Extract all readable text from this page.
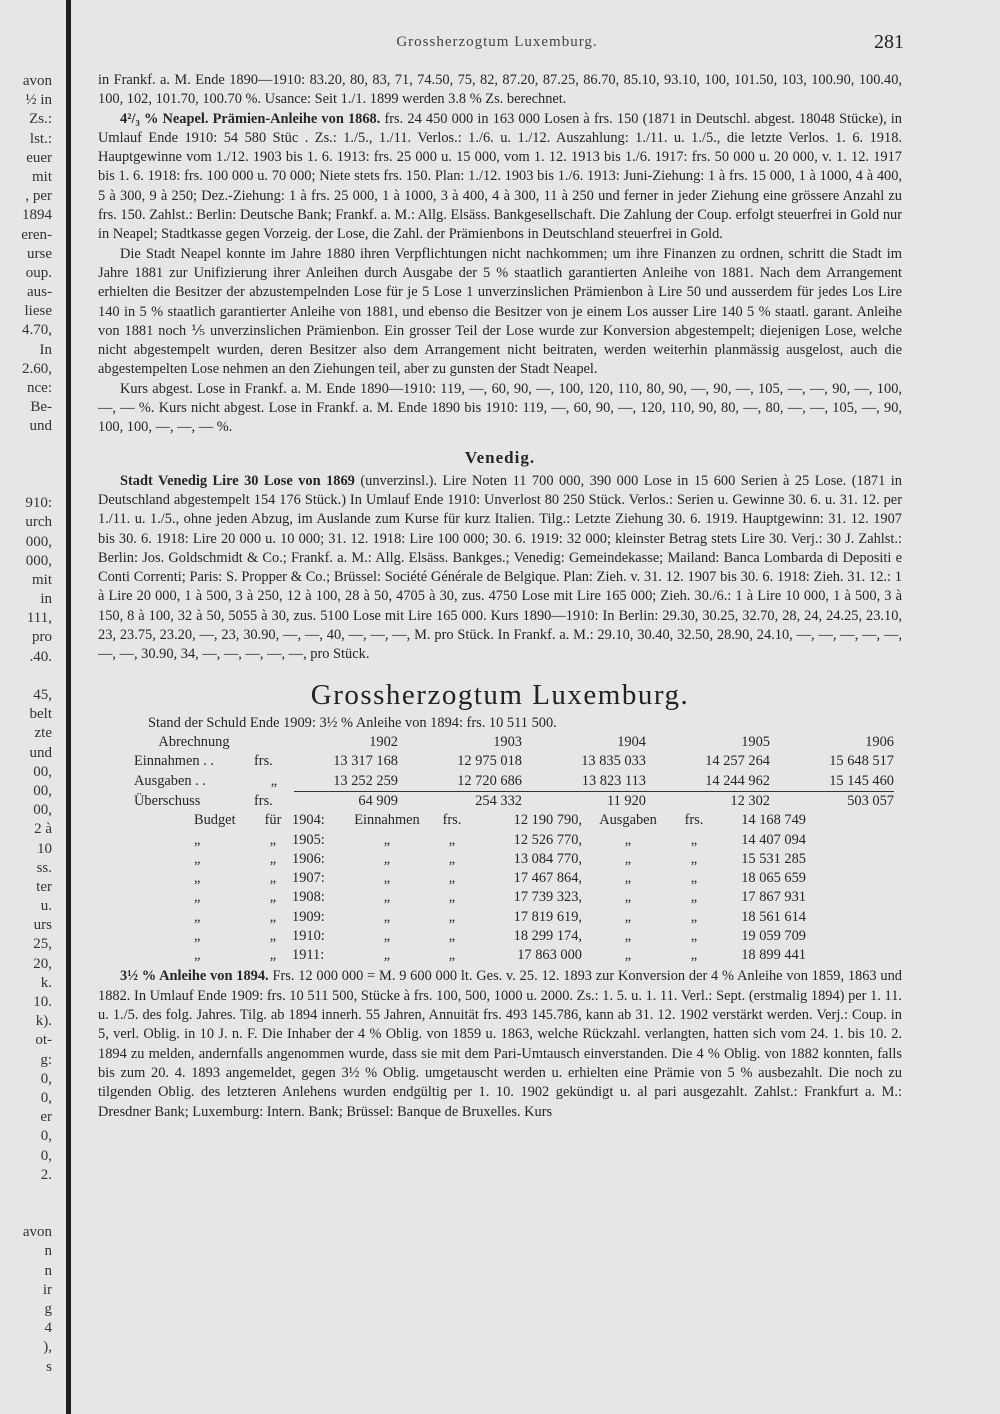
avon
½ in
Zs.:
lst.:
euer
mit
, per
1894
eren-
urse
oup.
aus-
liese
4.70,
In
2.60,
nce:
Be-
und
910:
urch
000,
000,
mit
in
111,
pro
.40.
45,
belt
zte
und
00,
00,
00,
2 à
10
ss.
ter
u.
urs
25,
20,
k.
10.
k).
ot-
g:
0,
0,
er
0,
0,
2.
avon
n
n
ir
g
4
),
s
Grossherzogtum Luxemburg.	281

in Frankf. a. M. Ende 1890—1910: 83.20, 80, 83, 71, 74.50, 75, 82, 87.20, 87.25, 86.70, 85.10, 93.10, 100, 101.50, 103, 100.90, 100.40, 100, 102, 101.70, 100.70 %. Usance: Seit 1./1. 1899 werden 3.8 % Zs. berechnet.

4²/₃ % Neapel. Prämien-Anleihe von 1868. frs. 24 450 000 in 163 000 Losen à frs. 150 (1871 in Deutschl. abgest. 18048 Stücke), in Umlauf Ende 1910: 54 580 Stüc . Zs.: 1./5., 1./11. Verlos.: 1./6. u. 1./12. Auszahlung: 1./11. u. 1./5., die letzte Verlos. 1. 6. 1918. Hauptgewinne vom 1./12. 1903 bis 1. 6. 1913: frs. 25 000 u. 15 000, vom 1. 12. 1913 bis 1./6. 1917: frs. 50 000 u. 20 000, v. 1. 12. 1917 bis 1. 6. 1918: frs. 100 000 u. 70 000; Niete stets frs. 150. Plan: 1./12. 1903 bis 1./6. 1913: Juni-Ziehung: 1 à frs. 15 000, 1 à 1000, 4 à 400, 5 à 300, 9 à 250; Dez.-Ziehung: 1 à frs. 25 000, 1 à 1000, 3 à 400, 4 à 300, 11 à 250 und ferner in jeder Ziehung eine grössere Anzahl zu frs. 150. Zahlst.: Berlin: Deutsche Bank; Frankf. a. M.: Allg. Elsäss. Bankgesellschaft. Die Zahlung der Coup. erfolgt steuerfrei in Gold nur in Neapel; Stadtkasse gegen Vorzeig. der Lose, die Zahl. der Prämienbons in Deutschland steuerfrei in Gold.

Die Stadt Neapel konnte im Jahre 1880 ihren Verpflichtungen nicht nachkommen; um ihre Finanzen zu ordnen, schritt die Stadt im Jahre 1881 zur Unifizierung ihrer Anleihen durch Ausgabe der 5 % staatlich garantierten Anleihe von 1881. Nach dem Arrangement erhielten die Besitzer der abzustempelnden Lose für je 5 Lose 1 unverzinslichen Prämienbon à Lire 50 und ausserdem für jedes Los Lire 140 in 5 % staatlich garantierter Anleihe von 1881, und ebenso die Besitzer von je einem Los ausser Lire 140 5 % staatl. garant. Anleihe von 1881 noch ⅕ unverzinslichen Prämienbon. Ein grosser Teil der Lose wurde zur Konversion abgestempelt; diejenigen Lose, welche nicht abgestempelt wurden, deren Besitzer also dem Arrangement nicht beitraten, werden weiterhin planmässig ausgelost, auch die abgestempelten Lose nehmen an den Ziehungen teil, aber zu gunsten der Stadt Neapel.

Kurs abgest. Lose in Frankf. a. M. Ende 1890—1910: 119, —, 60, 90, —, 100, 120, 110, 80, 90, —, 90, —, 105, —, —, 90, —, 100, —, — %. Kurs nicht abgest. Lose in Frankf. a. M. Ende 1890 bis 1910: 119, —, 60, 90, —, 120, 110, 90, 80, —, 80, —, —, 105, —, 90, 100, 100, —, —, — %.

Venedig.

Stadt Venedig Lire 30 Lose von 1869 (unverzinsl.). Lire Noten 11 700 000, 390 000 Lose in 15 600 Serien à 25 Lose. (1871 in Deutschland abgestempelt 154 176 Stück.) In Umlauf Ende 1910: Unverlost 80 250 Stück. Verlos.: Serien u. Gewinne 30. 6. u. 31. 12. per 1./11. u. 1./5., ohne jeden Abzug, im Auslande zum Kurse für kurz Italien. Tilg.: Letzte Ziehung 30. 6. 1919. Hauptgewinn: 31. 12. 1907 bis 30. 6. 1918: Lire 20 000 u. 10 000; 31. 12. 1918: Lire 100 000; 30. 6. 1919: 32 000; kleinster Betrag stets Lire 30. Verj.: 30 J. Zahlst.: Berlin: Jos. Goldschmidt & Co.; Frankf. a. M.: Allg. Elsäss. Bankges.; Venedig: Gemeindekasse; Mailand: Banca Lombarda di Depositi e Conti Correnti; Paris: S. Propper & Co.; Brüssel: Société Générale de Belgique. Plan: Zieh. v. 31. 12. 1907 bis 30. 6. 1918: Zieh. 31. 12.: 1 à Lire 20 000, 1 à 500, 3 à 250, 12 à 100, 28 à 50, 4705 à 30, zus. 4750 Lose mit Lire 165 000; Zieh. 30./6.: 1 à Lire 10 000, 1 à 500, 3 à 150, 8 à 100, 32 à 50, 5055 à 30, zus. 5100 Lose mit Lire 165 000. Kurs 1890—1910: In Berlin: 29.30, 30.25, 32.70, 28, 24, 24.25, 23.10, 23, 23.75, 23.20, —, 23, 30.90, —, —, 40, —, —, —, M. pro Stück. In Frankf. a. M.: 29.10, 30.40, 32.50, 28.90, 24.10, —, —, —, —, —, —, —, 30.90, 34, —, —, —, —, —, pro Stück.

Grossherzogtum Luxemburg.

Stand der Schuld Ende 1909: 3½ % Anleihe von 1894: frs. 10 511 500.

Abrechnung		1902	1903	1904	1905	1906
Einnahmen . .	frs.	13 317 168	12 975 018	13 835 033	14 257 264	15 648 517
Ausgaben . .	„	13 252 259	12 720 686	13 823 113	14 244 962	15 145 460
Überschuss	frs.	64 909	254 332	11 920	12 302	503 057
Budget	für	1904:	Einnahmen	frs.	12 190 790,	Ausgaben	frs.	14 168 749
„	„	1905:	„	„	12 526 770,	„	„	14 407 094
„	„	1906:	„	„	13 084 770,	„	„	15 531 285
„	„	1907:	„	„	17 467 864,	„	„	18 065 659
„	„	1908:	„	„	17 739 323,	„	„	17 867 931
„	„	1909:	„	„	17 819 619,	„	„	18 561 614
„	„	1910:	„	„	18 299 174,	„	„	19 059 709
„	„	1911:	„	„	17 863 000	„	„	18 899 441

3½ % Anleihe von 1894. Frs. 12 000 000 = M. 9 600 000 lt. Ges. v. 25. 12. 1893 zur Konversion der 4 % Anleihe von 1859, 1863 und 1882. In Umlauf Ende 1909: frs. 10 511 500, Stücke à frs. 100, 500, 1000 u. 2000. Zs.: 1. 5. u. 1. 11. Verl.: Sept. (erstmalig 1894) per 1. 11. u. 1./5. des folg. Jahres. Tilg. ab 1894 innerh. 55 Jahren, Annuität frs. 493 145.786, kann ab 31. 12. 1902 verstärkt werden. Verj.: Coup. in 5, verl. Oblig. in 10 J. n. F. Die Inhaber der 4 % Oblig. von 1859 u. 1863, welche Rückzahl. verlangten, hatten sich vom 24. 1. bis 10. 2. 1894 zu melden, andernfalls angenommen wurde, dass sie mit dem Pari-Umtausch einverstanden. Die 4 % Oblig. von 1882 konnten, falls bis zum 20. 4. 1893 angemeldet, gegen 3½ % Oblig. umgetauscht werden u. erhielten eine Prämie von 5 % ausbezahlt. Die noch zu tilgenden Oblig. des letzteren Anlehens wurden endgültig per 1. 10. 1902 gekündigt u. al pari ausgezahlt. Zahlst.: Frankfurt a. M.: Dresdner Bank; Luxemburg: Intern. Bank; Brüssel: Banque de Bruxelles. Kurs
